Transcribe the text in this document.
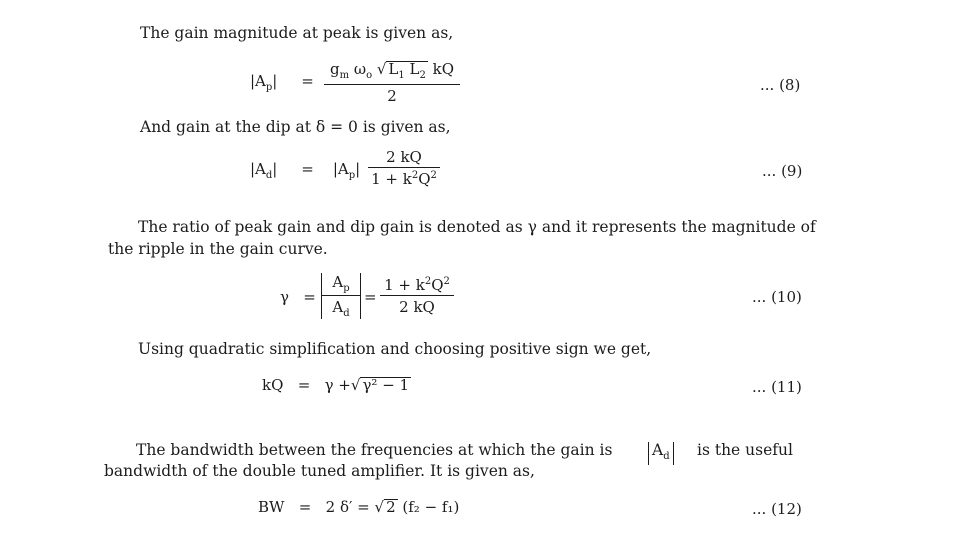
The gain magnitude at peak is given as,
$|A_p|$     =
$g_m$ $\omega_o$ √ $L_1$ $L_2$ kQ
2
... (8)
And gain at the dip at δ = 0 is given as,
$|A_d|$     =    $|A_p|$
2 kQ
$1 + k^2Q^2$	... (9)
The ratio of peak gain and dip gain is denoted as γ and it represents the magnitude of
the ripple in the gain curve.
γ   =
$A_p$
$A_d$
=
$1 + k^2Q^2$
2 kQ
... (10)
Using quadratic simplification and choosing positive sign we get,
kQ   =   γ +√ γ² − 1	... (11)
The bandwidth between the frequencies at which the gain is	$A_d$ is the useful
bandwidth of the double tuned amplifier. It is given as,
BW   =   2 δ′ = √ 2 (f₂ − f₁)	... (12)
